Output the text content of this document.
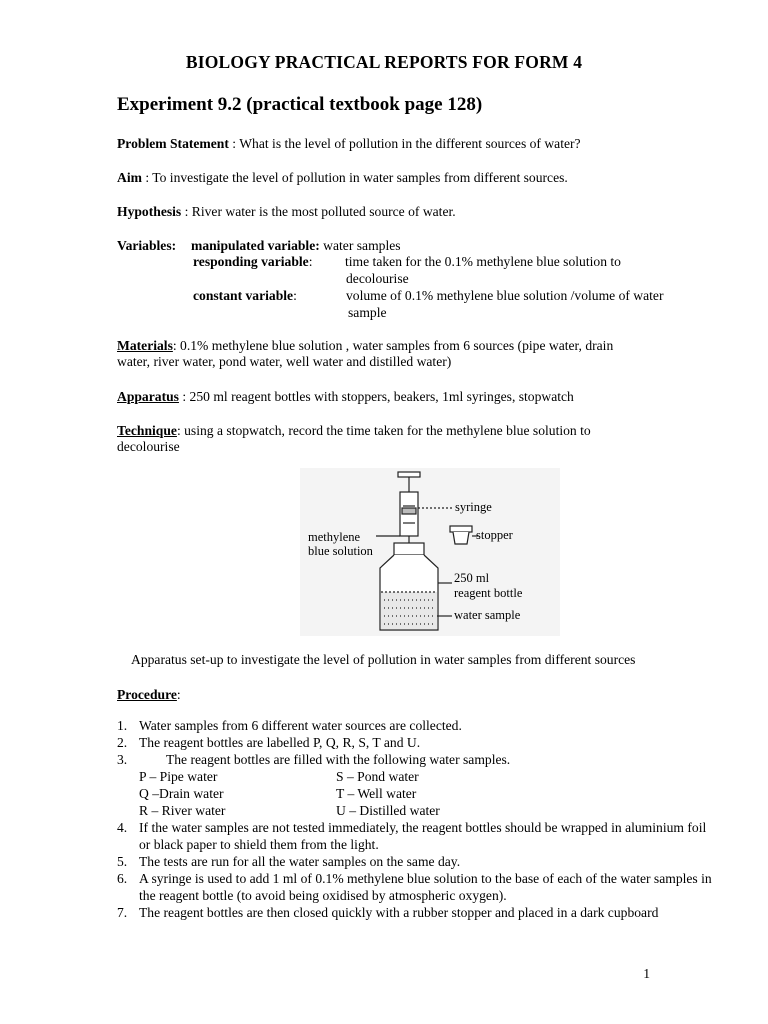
BIOLOGY PRACTICAL REPORTS FOR FORM 4
Experiment 9.2 (practical textbook page 128)
Problem Statement : What is the level of pollution in the different sources of water?
Aim : To investigate the level of pollution in water samples from different sources.
Hypothesis : River water is the most polluted source of water.
Variables: manipulated variable: water samples
responding variable: time taken for the 0.1% methylene blue solution to
decolourise
constant variable:	volume of 0.1% methylene blue solution /volume of water
sample
Materials: 0.1% methylene blue solution , water samples from 6 sources (pipe water, drain
water, river water, pond water, well water and distilled water)
Apparatus : 250 ml reagent bottles with stoppers, beakers, 1ml syringes, stopwatch
Technique: using a stopwatch, record the time taken for the methylene blue solution to
decolourise
syringe
stopper
methylene
blue solution
250 ml
reagent bottle
water sample
Apparatus set-up to investigate the level of pollution in water samples from different sources
Procedure:
1. Water samples from 6 different water sources are collected.
2. The reagent bottles are labelled P, Q, R, S, T and U.
3. The reagent bottles are filled with the following water samples.
P – Pipe water	S – Pond water
Q –Drain water	T – Well water
R – River water	U – Distilled water
4. If the water samples are not tested immediately, the reagent bottles should be wrapped in aluminium foil or black paper to shield them from the light.
5. The tests are run for all the water samples on the same day.
6. A syringe is used to add 1 ml of 0.1% methylene blue solution to the base of each of the water samples in the reagent bottle (to avoid being oxidised by atmospheric oxygen).
7. The reagent bottles are then closed quickly with a rubber stopper and placed in a dark cupboard
1
